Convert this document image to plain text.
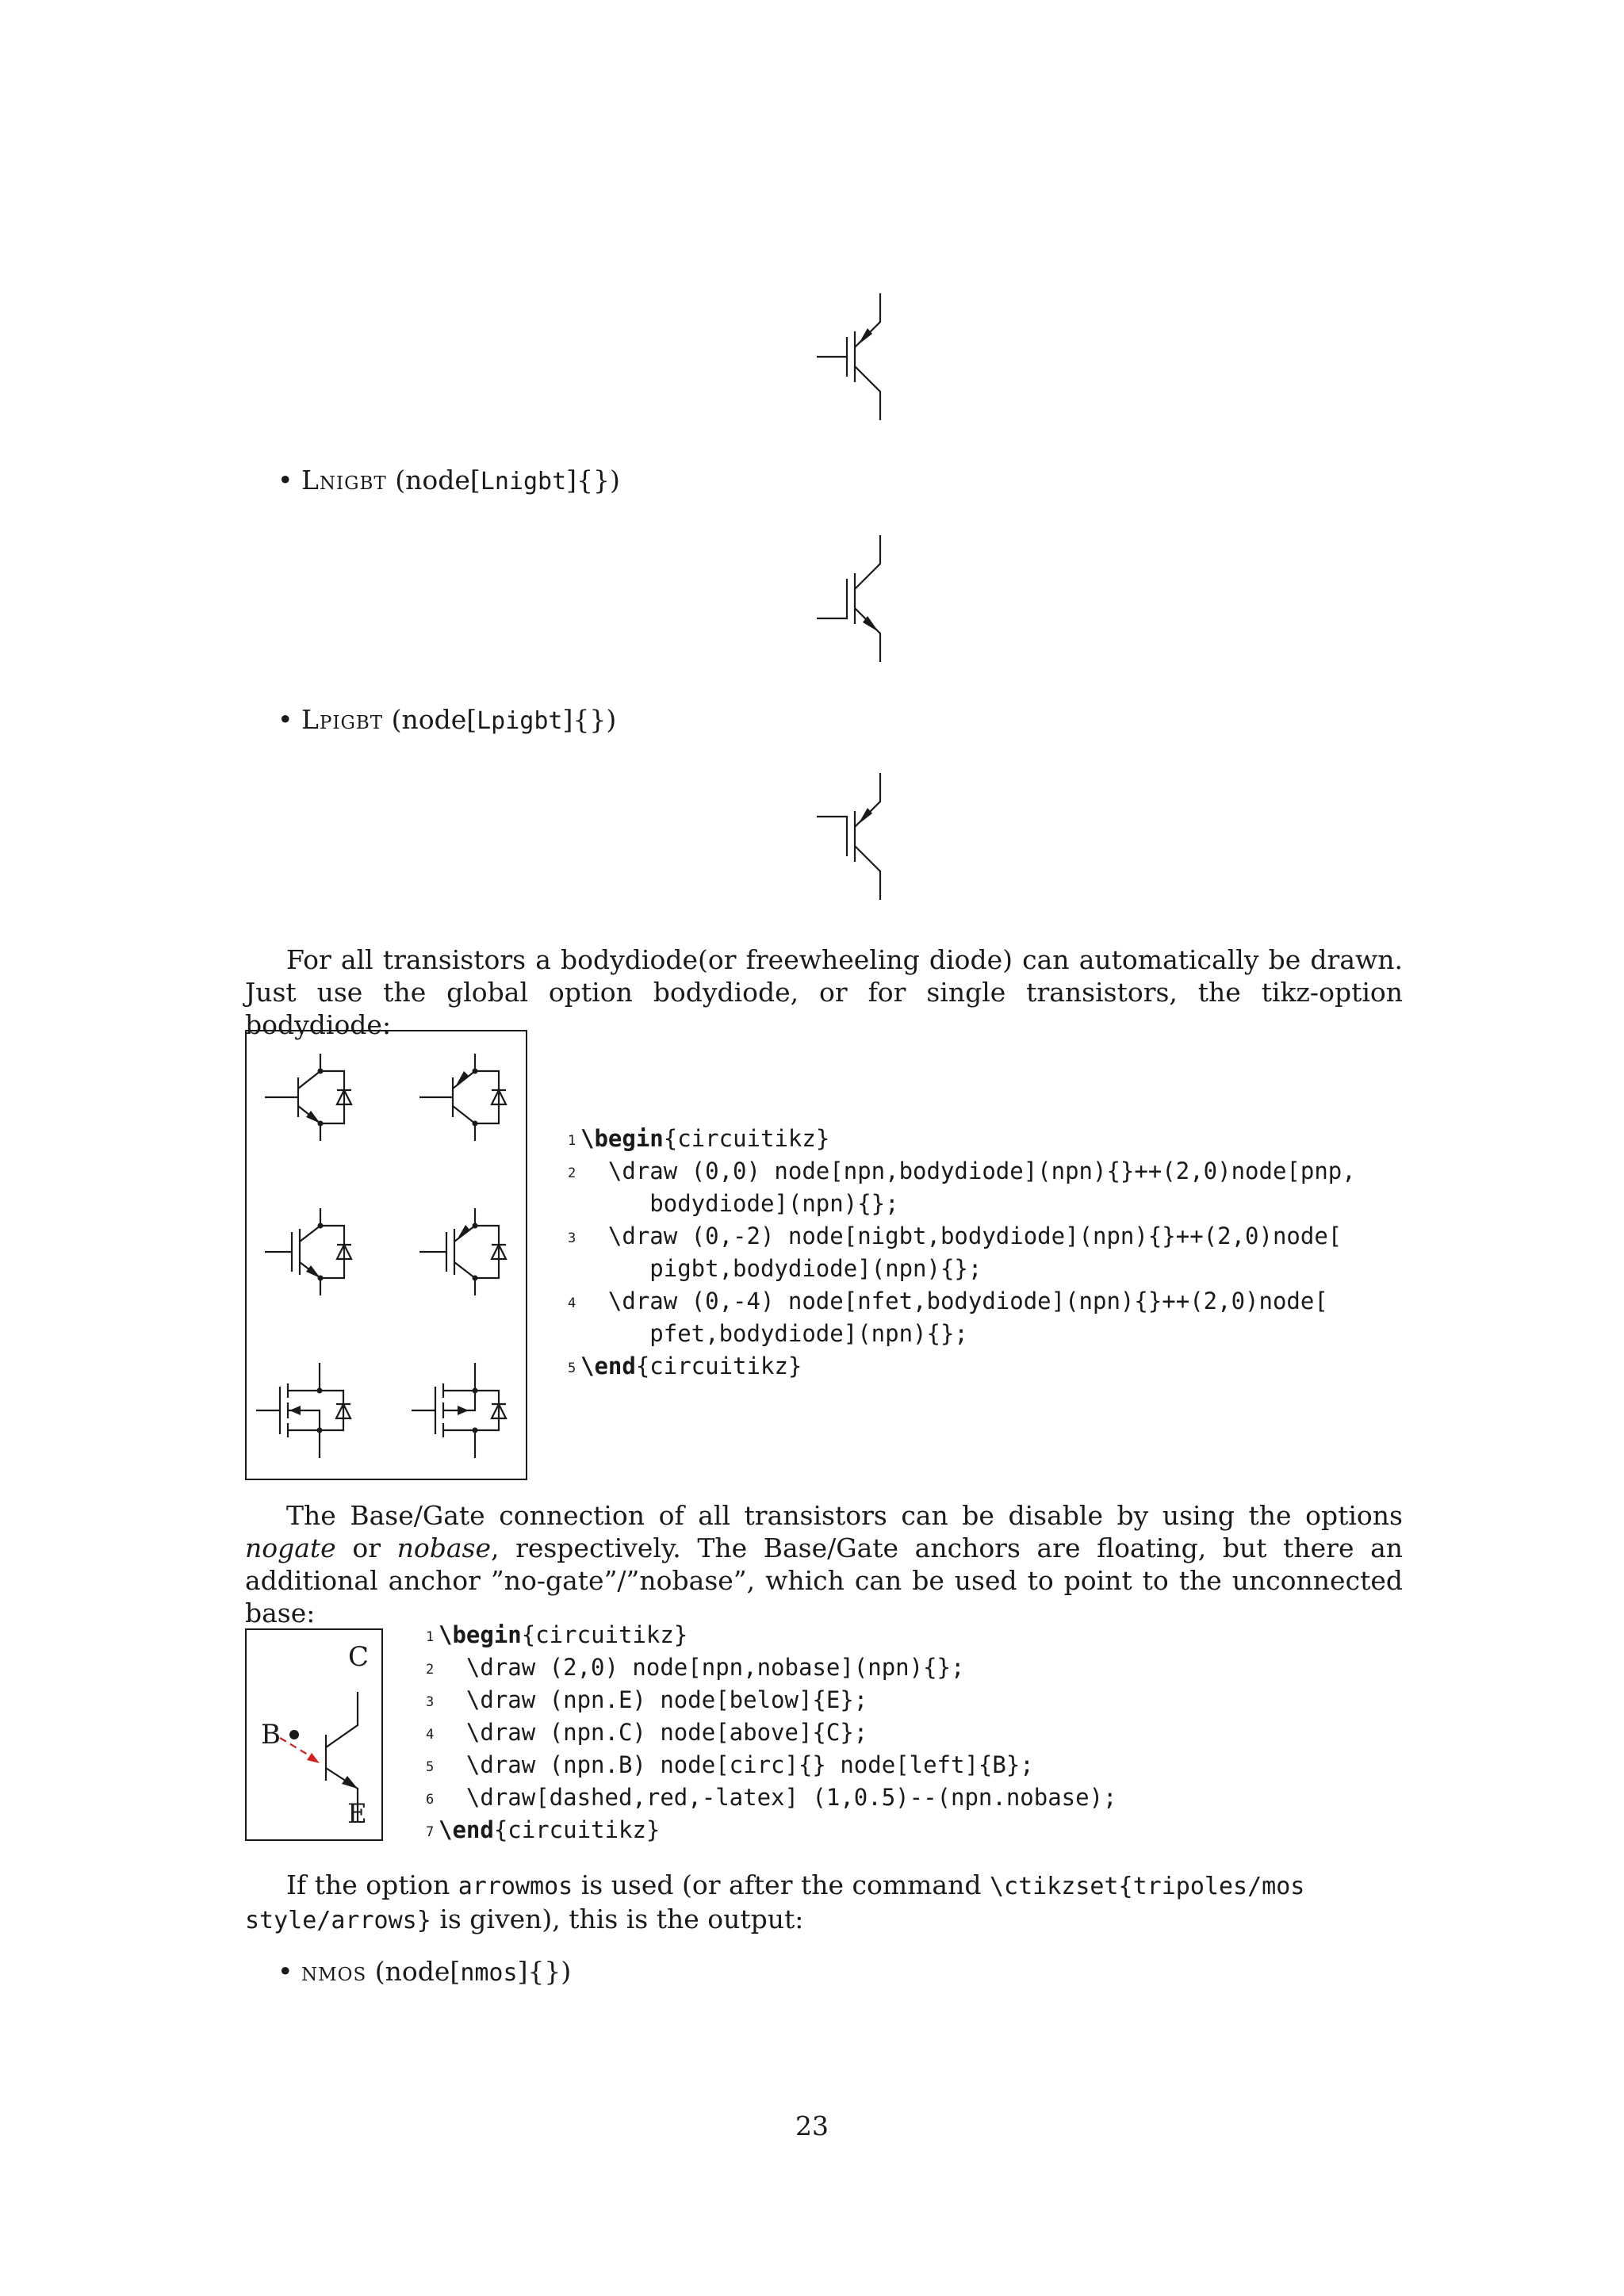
• Lnigbt (node[Lnigbt]{})
• Lpigbt (node[Lpigbt]{})
For all transistors a bodydiode(or freewheeling diode) can automatically be drawn. Just use the global option bodydiode, or for single transistors, the tikz-option bodydiode:
1 \begin{circuitikz}
2  \draw (0,0) node[npn,bodydiode](npn){}++(2,0)node[pnp,
bodydiode](npn){};
3  \draw (0,-2) node[nigbt,bodydiode](npn){}++(2,0)node[
pigbt,bodydiode](npn){};
4  \draw (0,-4) node[nfet,bodydiode](npn){}++(2,0)node[
pfet,bodydiode](npn){};
5 \end{circuitikz}
The Base/Gate connection of all transistors can be disable by using the options nogate or nobase, respectively. The Base/Gate anchors are floating, but there an additional anchor ”no-gate”/”nobase”, which can be used to point to the unconnected base:
C
B
E
1 \begin{circuitikz}
2  \draw (2,0) node[npn,nobase](npn){};
3  \draw (npn.E) node[below]{E};
4  \draw (npn.C) node[above]{C};
5  \draw (npn.B) node[circ]{} node[left]{B};
6  \draw[dashed,red,-latex] (1,0.5)--(npn.nobase);
7 \end{circuitikz}
If the option arrowmos is used (or after the command \ctikzset{tripoles/mos style/arrows} is given), this is the output:
• nmos (node[nmos]{})
23
